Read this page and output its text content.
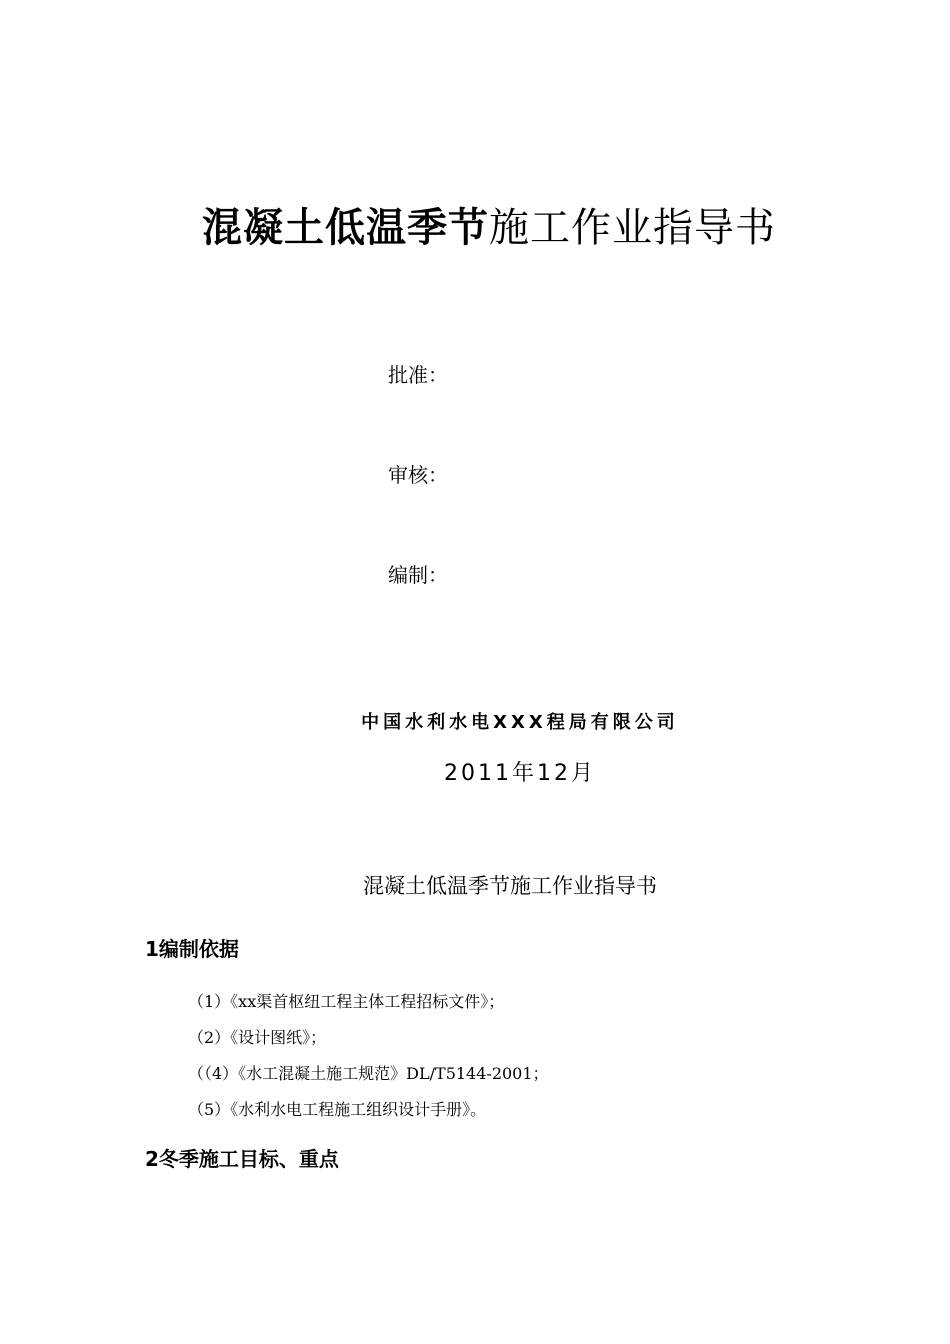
混凝土低温季节施工作业指导书
批准：
审核：
编制：
中国水利水电XXX程局有限公司
2011年12月
混凝土低温季节施工作业指导书
1编制依据
（1）《xx渠首枢纽工程主体工程招标文件》；
（2）《设计图纸》；
（（4）《水工混凝土施工规范》DL/T5144-2001；
（5）《水利水电工程施工组织设计手册》。
2冬季施工目标、重点
